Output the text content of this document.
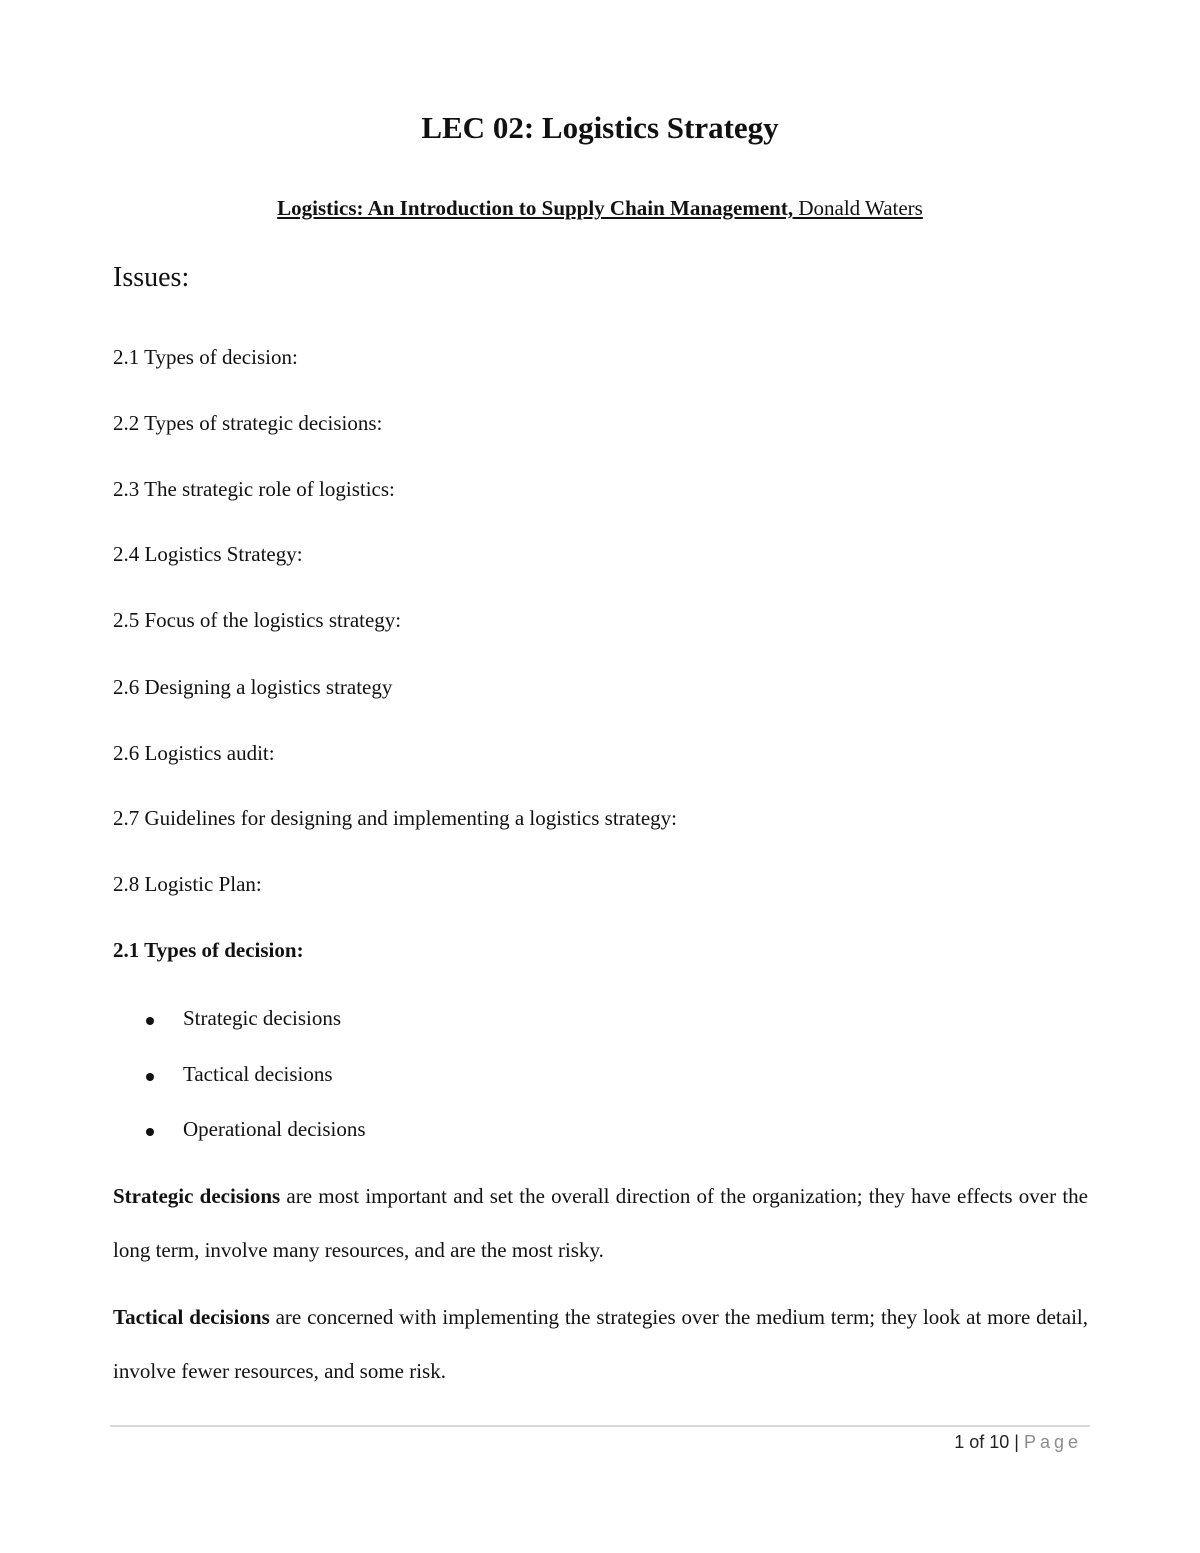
LEC 02: Logistics Strategy

Logistics: An Introduction to Supply Chain Management, Donald Waters

Issues:

2.1 Types of decision:

2.2 Types of strategic decisions:

2.3 The strategic role of logistics:

2.4 Logistics Strategy:

2.5 Focus of the logistics strategy:

2.6 Designing a logistics strategy

2.6 Logistics audit:

2.7 Guidelines for designing and implementing a logistics strategy:

2.8 Logistic Plan:

2.1 Types of decision:
Strategic decisions
Tactical decisions
Operational decisions

Strategic decisions are most important and set the overall direction of the organization; they have effects over the long term, involve many resources, and are the most risky.

Tactical decisions are concerned with implementing the strategies over the medium term; they look at more detail, involve fewer resources, and some risk.

1 of 10 | Page
